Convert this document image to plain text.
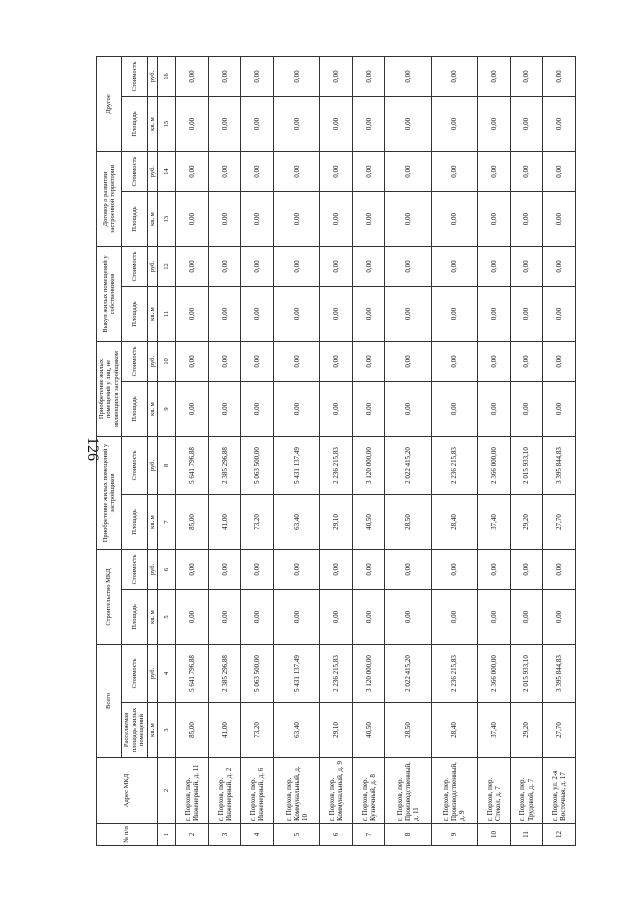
126
№ п/п	Адрес МКД	Всего		Строительство МКД		Приобретение жилых помещений у застройщиков		Приобретение жилых помещений у лиц, не являющихся застройщиком		Выкуп жилых помещений у собственников		Договор о развитии застроенной территории		Другое	
		Расселяемая площадь жилых помещений	Стоимость	Площадь	Стоимость	Площадь	Стоимость	Площадь	Стоимость	Площадь	Стоимость	Площадь	Стоимость	Площадь	Стоимость
		кв. м	руб.	кв. м	руб.	кв. м	руб.	кв. м	руб.	кв. м	руб.	кв. м	руб.	кв. м	руб.
1	2	3	4	5	6	7	8	9	10	11	12	13	14	15	16
2	г. Порхов, пер. Инженерный, д. 11	85,00	5 641 796,88	0,00	0,00	85,00	5 641 796,88	0,00	0,00	0,00	0,00	0,00	0,00	0,00	0,00
3	г. Порхов, пер. Инженерный, д. 2	41,00	2 385 296,88	0,00	0,00	41,00	2 385 296,88	0,00	0,00	0,00	0,00	0,00	0,00	0,00	0,00
4	г. Порхов, пер. Инженерный, д. 6	73,20	5 063 500,00	0,00	0,00	73,20	5 063 500,00	0,00	0,00	0,00	0,00	0,00	0,00	0,00	0,00
5	г. Порхов, пер. Коммунальный, д. 10	63,40	5 431 137,49	0,00	0,00	63,40	5 431 137,49	0,00	0,00	0,00	0,00	0,00	0,00	0,00	0,00
6	г. Порхов, пер. Коммунальный, д. 9	29,10	2 236 215,83	0,00	0,00	29,10	2 236 215,83	0,00	0,00	0,00	0,00	0,00	0,00	0,00	0,00
7	г. Порхов, пер. Кузнечный, д. 8	40,50	3 120 000,00	0,00	0,00	40,50	3 120 000,00	0,00	0,00	0,00	0,00	0,00	0,00	0,00	0,00
8	г. Порхов, пер. Производственный, д. 11	28,50	2 022 415,20	0,00	0,00	28,50	2 022 415,20	0,00	0,00	0,00	0,00	0,00	0,00	0,00	0,00
9	г. Порхов, пер. Производственный, д. 9	28,40	2 236 215,83	0,00	0,00	28,40	2 236 215,83	0,00	0,00	0,00	0,00	0,00	0,00	0,00	0,00
10	г. Порхов, пер. Стекол, д. 7	37,40	2 366 000,00	0,00	0,00	37,40	2 366 000,00	0,00	0,00	0,00	0,00	0,00	0,00	0,00	0,00
11	г. Порхов, пер. Трудовой, д. 7	29,20	2 015 933,10	0,00	0,00	29,20	2 015 933,10	0,00	0,00	0,00	0,00	0,00	0,00	0,00	0,00
12	г. Порхов, ул. 2-я Восточная, д. 17	27,70	3 395 844,83	0,00	0,00	27,70	3 395 844,83	0,00	0,00	0,00	0,00	0,00	0,00	0,00	0,00
